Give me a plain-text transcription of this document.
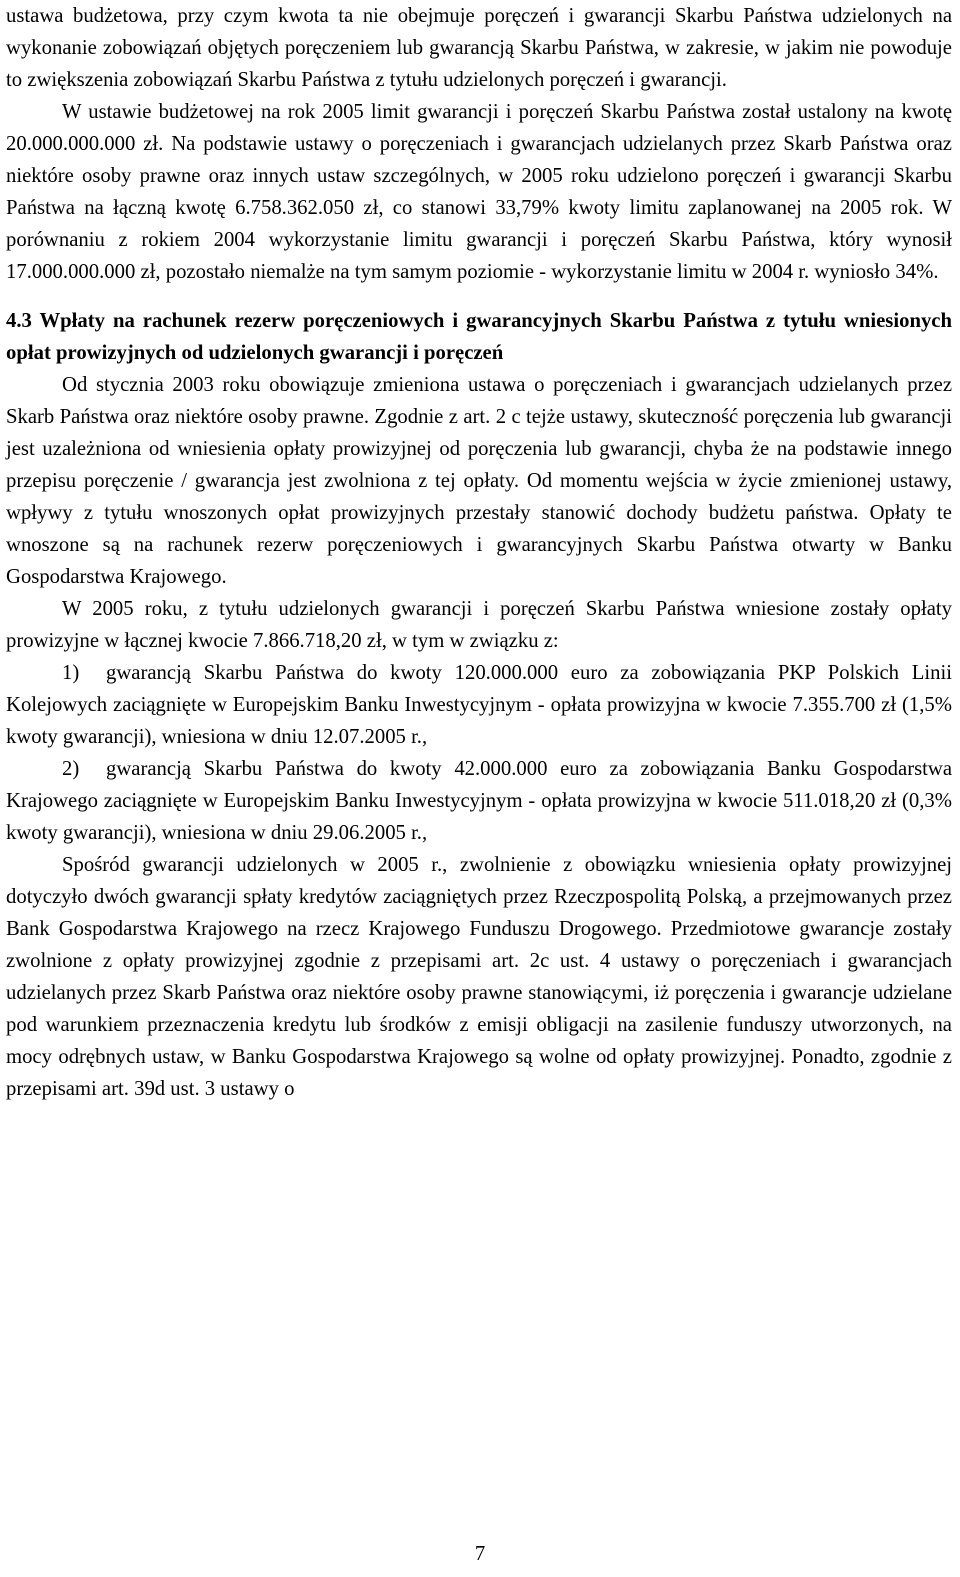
ustawa budżetowa, przy czym kwota ta nie obejmuje poręczeń i gwarancji Skarbu Państwa udzielonych na wykonanie zobowiązań objętych poręczeniem lub gwarancją Skarbu Państwa, w zakresie, w jakim nie powoduje to zwiększenia zobowiązań Skarbu Państwa z tytułu udzielonych poręczeń i gwarancji.

W ustawie budżetowej na rok 2005 limit gwarancji i poręczeń Skarbu Państwa został ustalony na kwotę 20.000.000.000 zł. Na podstawie ustawy o poręczeniach i gwarancjach udzielanych przez Skarb Państwa oraz niektóre osoby prawne oraz innych ustaw szczególnych, w 2005 roku udzielono poręczeń i gwarancji Skarbu Państwa na łączną kwotę 6.758.362.050 zł, co stanowi 33,79% kwoty limitu zaplanowanej na 2005 rok. W porównaniu z rokiem 2004 wykorzystanie limitu gwarancji i poręczeń Skarbu Państwa, który wynosił 17.000.000.000 zł, pozostało niemalże na tym samym poziomie - wykorzystanie limitu w 2004 r. wyniosło 34%.

4.3 Wpłaty na rachunek rezerw poręczeniowych i gwarancyjnych Skarbu Państwa z tytułu wniesionych opłat prowizyjnych od udzielonych gwarancji i poręczeń

Od stycznia 2003 roku obowiązuje zmieniona ustawa o poręczeniach i gwarancjach udzielanych przez Skarb Państwa oraz niektóre osoby prawne. Zgodnie z art. 2 c tejże ustawy, skuteczność poręczenia lub gwarancji jest uzależniona od wniesienia opłaty prowizyjnej od poręczenia lub gwarancji, chyba że na podstawie innego przepisu poręczenie / gwarancja jest zwolniona z tej opłaty. Od momentu wejścia w życie zmienionej ustawy, wpływy z tytułu wnoszonych opłat prowizyjnych przestały stanowić dochody budżetu państwa. Opłaty te wnoszone są na rachunek rezerw poręczeniowych i gwarancyjnych Skarbu Państwa otwarty w Banku Gospodarstwa Krajowego.

W 2005 roku, z tytułu udzielonych gwarancji i poręczeń Skarbu Państwa wniesione zostały opłaty prowizyjne w łącznej kwocie 7.866.718,20 zł, w tym w związku z:

1) gwarancją Skarbu Państwa do kwoty 120.000.000 euro za zobowiązania PKP Polskich Linii Kolejowych zaciągnięte w Europejskim Banku Inwestycyjnym - opłata prowizyjna w kwocie 7.355.700 zł (1,5% kwoty gwarancji), wniesiona w dniu 12.07.2005 r.,

2) gwarancją Skarbu Państwa do kwoty 42.000.000 euro za zobowiązania Banku Gospodarstwa Krajowego zaciągnięte w Europejskim Banku Inwestycyjnym - opłata prowizyjna w kwocie 511.018,20 zł (0,3% kwoty gwarancji), wniesiona w dniu 29.06.2005 r.,

Spośród gwarancji udzielonych w 2005 r., zwolnienie z obowiązku wniesienia opłaty prowizyjnej dotyczyło dwóch gwarancji spłaty kredytów zaciągniętych przez Rzeczpospolitą Polską, a przejmowanych przez Bank Gospodarstwa Krajowego na rzecz Krajowego Funduszu Drogowego. Przedmiotowe gwarancje zostały zwolnione z opłaty prowizyjnej zgodnie z przepisami art. 2c ust. 4 ustawy o poręczeniach i gwarancjach udzielanych przez Skarb Państwa oraz niektóre osoby prawne stanowiącymi, iż poręczenia i gwarancje udzielane pod warunkiem przeznaczenia kredytu lub środków z emisji obligacji na zasilenie funduszy utworzonych, na mocy odrębnych ustaw, w Banku Gospodarstwa Krajowego są wolne od opłaty prowizyjnej. Ponadto, zgodnie z przepisami art. 39d ust. 3 ustawy o

7
